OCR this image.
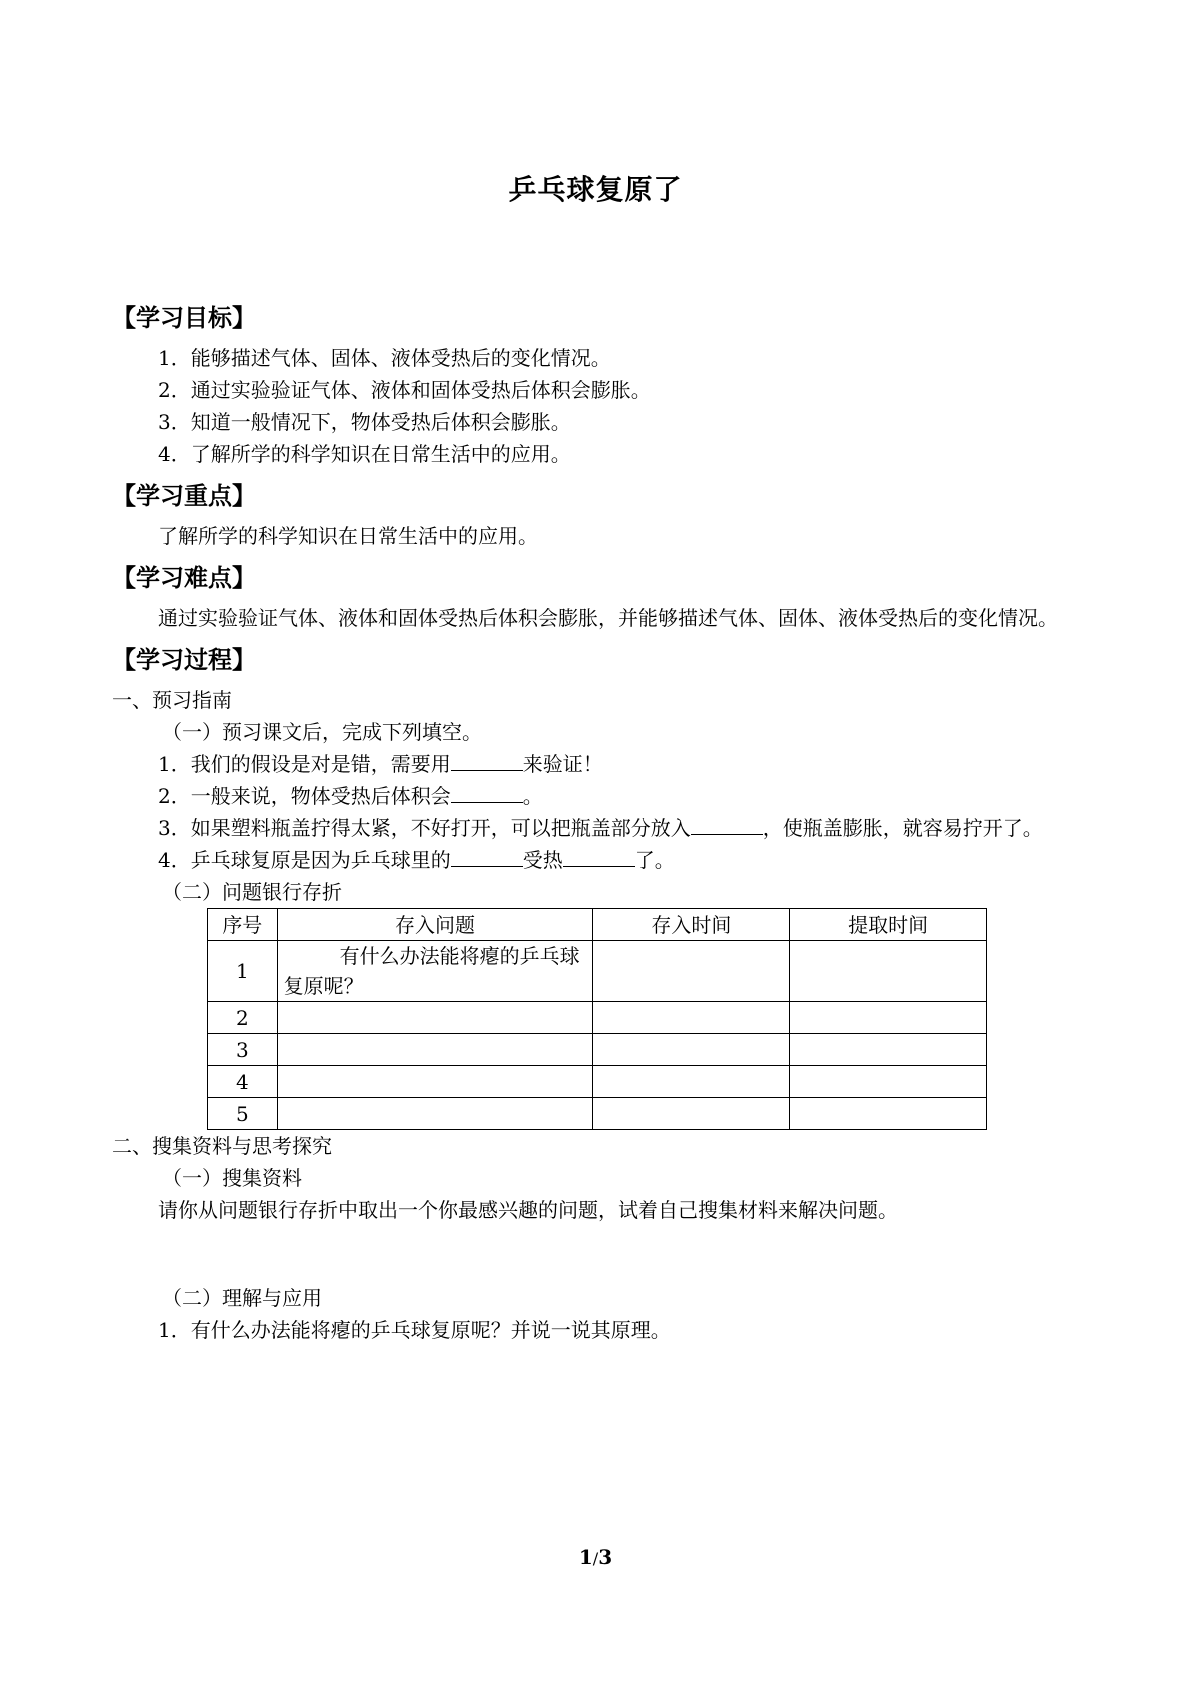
乒乓球复原了
【学习目标】

1．能够描述气体、固体、液体受热后的变化情况。

2．通过实验验证气体、液体和固体受热后体积会膨胀。

3．知道一般情况下，物体受热后体积会膨胀。

4．了解所学的科学知识在日常生活中的应用。

【学习重点】

了解所学的科学知识在日常生活中的应用。

【学习难点】

通过实验验证气体、液体和固体受热后体积会膨胀，并能够描述气体、固体、液体受热后的变化情况。

【学习过程】

一、预习指南

（一）预习课文后，完成下列填空。

1．我们的假设是对是错，需要用	来验证！

2．一般来说，物体受热后体积会	。

3．如果塑料瓶盖拧得太紧，不好打开，可以把瓶盖部分放入	，使瓶盖膨胀，就容易拧开了。

4．乒乓球复原是因为乒乓球里的	受热	了。

（二）问题银行存折

序号	存入问题	存入时间	提取时间
1	有什么办法能将瘪的乒乓球复原呢？		
2			
3			
4			
5			

二、搜集资料与思考探究

（一）搜集资料

请你从问题银行存折中取出一个你最感兴趣的问题，试着自己搜集材料来解决问题。

（二）理解与应用

1．有什么办法能将瘪的乒乓球复原呢？并说一说其原理。

1/3
